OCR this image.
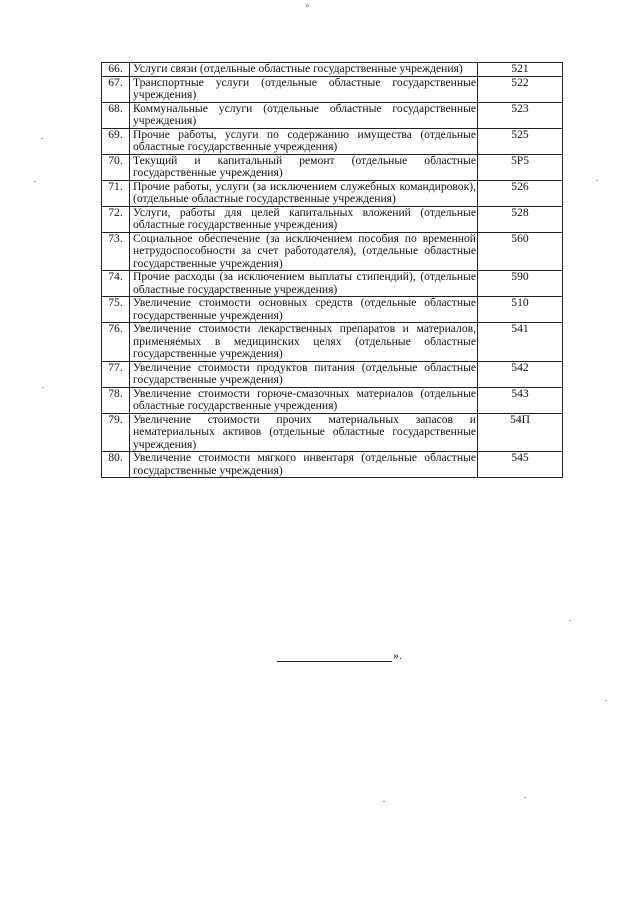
»
66.	Услуги связи (отдельные областные государственные учреждения)	521
67.	Транспортные услуги (отдельные областные государственные учреждения)	522
68.	Коммунальные услуги (отдельные областные государственные учреждения)	523
69.	Прочие работы, услуги по содержанию имущества (отдельные областные государственные учреждения)	525
70.	Текущий и капитальный ремонт (отдельные областные государственные учреждения)	5Р5
71.	Прочие работы, услуги (за исключением служебных командировок), (отдельные областные государственные учреждения)	526
72.	Услуги, работы для целей капитальных вложений (отдельные областные государственные учреждения)	528
73.	Социальное обеспечение (за исключением пособия по временной нетрудоспособности за счет работодателя), (отдельные областные государственные учреждения)	560
74.	Прочие расходы (за исключением выплаты стипендий), (отдельные областные государственные учреждения)	590
75.	Увеличение стоимости основных средств (отдельные областные государственные учреждения)	510
76.	Увеличение стоимости лекарственных препаратов и материалов, применяемых в медицинских целях (отдельные областные государственные учреждения)	541
77.	Увеличение стоимости продуктов питания (отдельные областные государственные учреждения)	542
78.	Увеличение стоимости горюче-смазочных материалов (отдельные областные государственные учреждения)	543
79.	Увеличение стоимости прочих материальных запасов и нематериальных активов (отдельные областные государственные учреждения)	54П
80.	Увеличение стоимости мягкого инвентаря (отдельные областные государственные учреждения)	545
».
